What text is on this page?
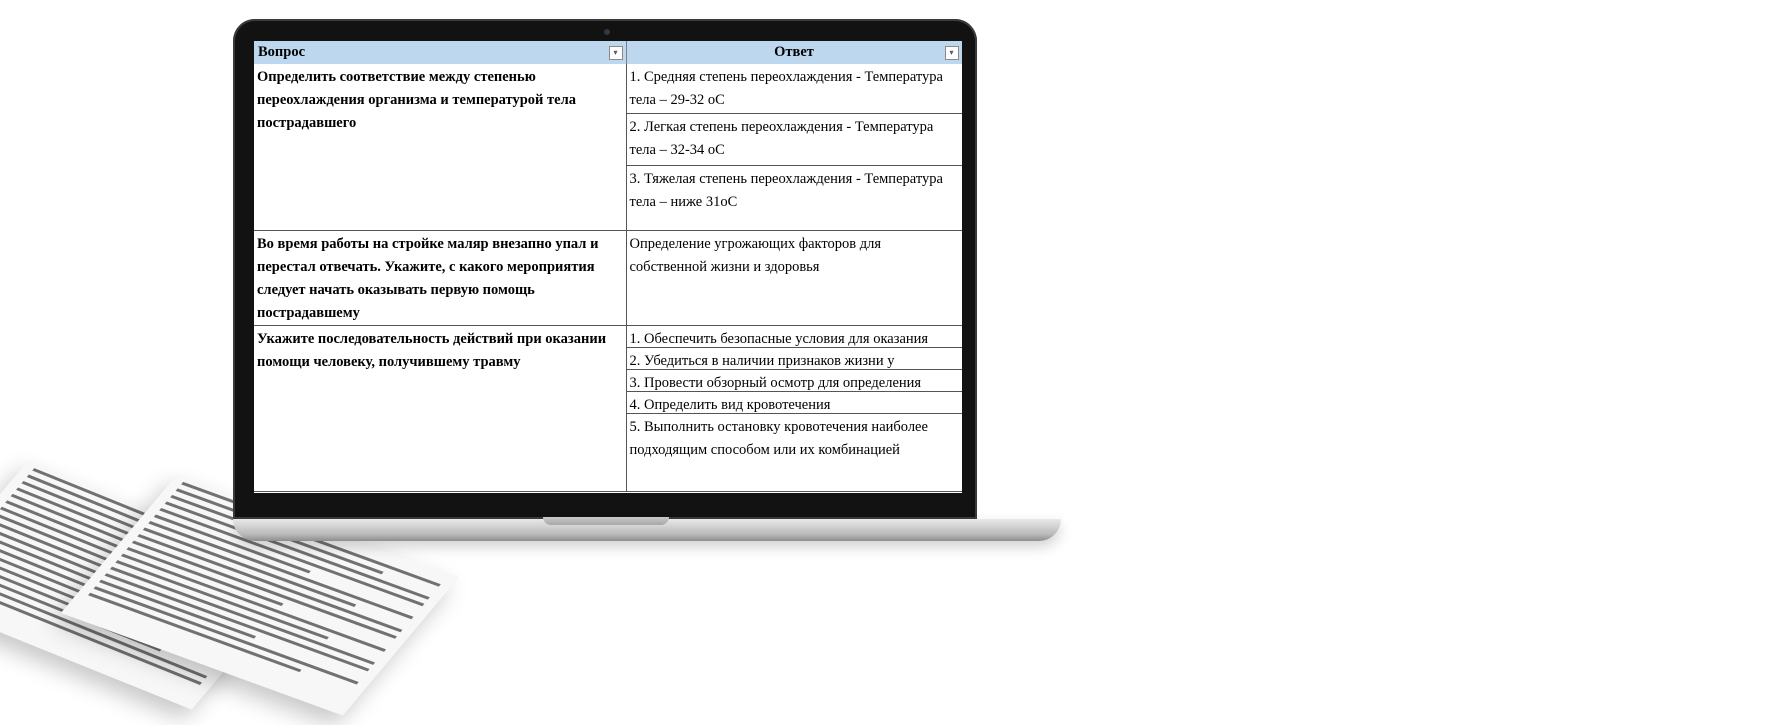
Вопрос ▾	Ответ ▾

Определить соответствие между степенью переохлаждения организма и температурой тела пострадавшего	1. Средняя степень переохлаждения - Температура тела – 29-32 оС
2. Легкая степень переохлаждения - Температура тела – 32-34 оС
3. Тяжелая степень переохлаждения - Температура тела – ниже 31оС

Во время работы на стройке маляр внезапно упал и перестал отвечать. Укажите, с какого мероприятия следует начать оказывать первую помощь пострадавшему	Определение угрожающих факторов для собственной жизни и здоровья

Укажите последовательность действий при оказании помощи человеку, получившему травму	1. Обеспечить безопасные условия для оказания
2. Убедиться в наличии признаков жизни у
3. Провести обзорный осмотр для определения
4. Определить вид кровотечения
5. Выполнить остановку кровотечения наиболее подходящим способом или их комбинацией
